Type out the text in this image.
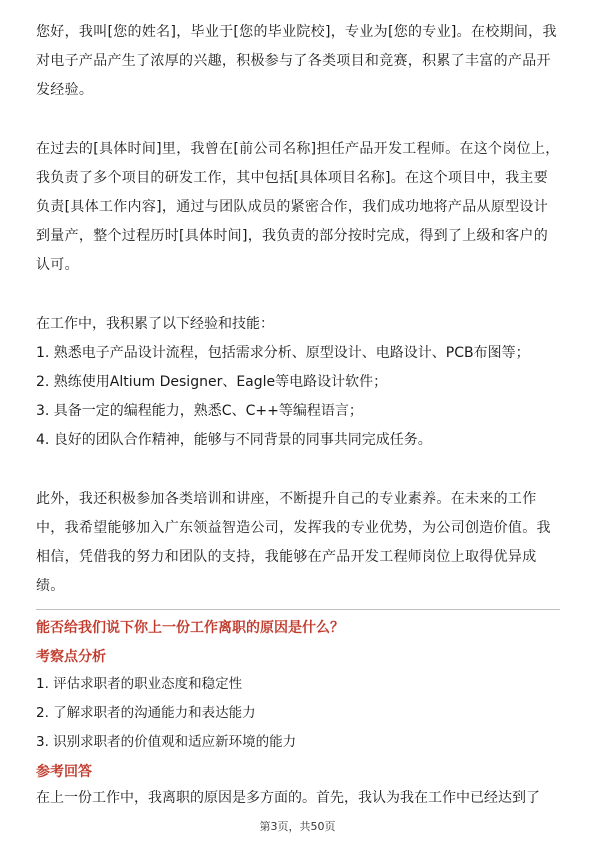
您好，我叫[您的姓名]，毕业于[您的毕业院校]，专业为[您的专业]。在校期间，我对电子产品产生了浓厚的兴趣，积极参与了各类项目和竞赛，积累了丰富的产品开发经验。

在过去的[具体时间]里，我曾在[前公司名称]担任产品开发工程师。在这个岗位上，我负责了多个项目的研发工作，其中包括[具体项目名称]。在这个项目中，我主要负责[具体工作内容]，通过与团队成员的紧密合作，我们成功地将产品从原型设计到量产，整个过程历时[具体时间]，我负责的部分按时完成，得到了上级和客户的认可。

在工作中，我积累了以下经验和技能：

1. 熟悉电子产品设计流程，包括需求分析、原型设计、电路设计、PCB布图等；

2. 熟练使用Altium Designer、Eagle等电路设计软件；

3. 具备一定的编程能力，熟悉C、C++等编程语言；

4. 良好的团队合作精神，能够与不同背景的同事共同完成任务。

此外，我还积极参加各类培训和讲座，不断提升自己的专业素养。在未来的工作中，我希望能够加入广东领益智造公司，发挥我的专业优势，为公司创造价值。我相信，凭借我的努力和团队的支持，我能够在产品开发工程师岗位上取得优异成绩。

能否给我们说下你上一份工作离职的原因是什么？

考察点分析

1. 评估求职者的职业态度和稳定性

2. 了解求职者的沟通能力和表达能力

3. 识别求职者的价值观和适应新环境的能力

参考回答

在上一份工作中，我离职的原因是多方面的。首先，我认为我在工作中已经达到了

第3页，共50页
